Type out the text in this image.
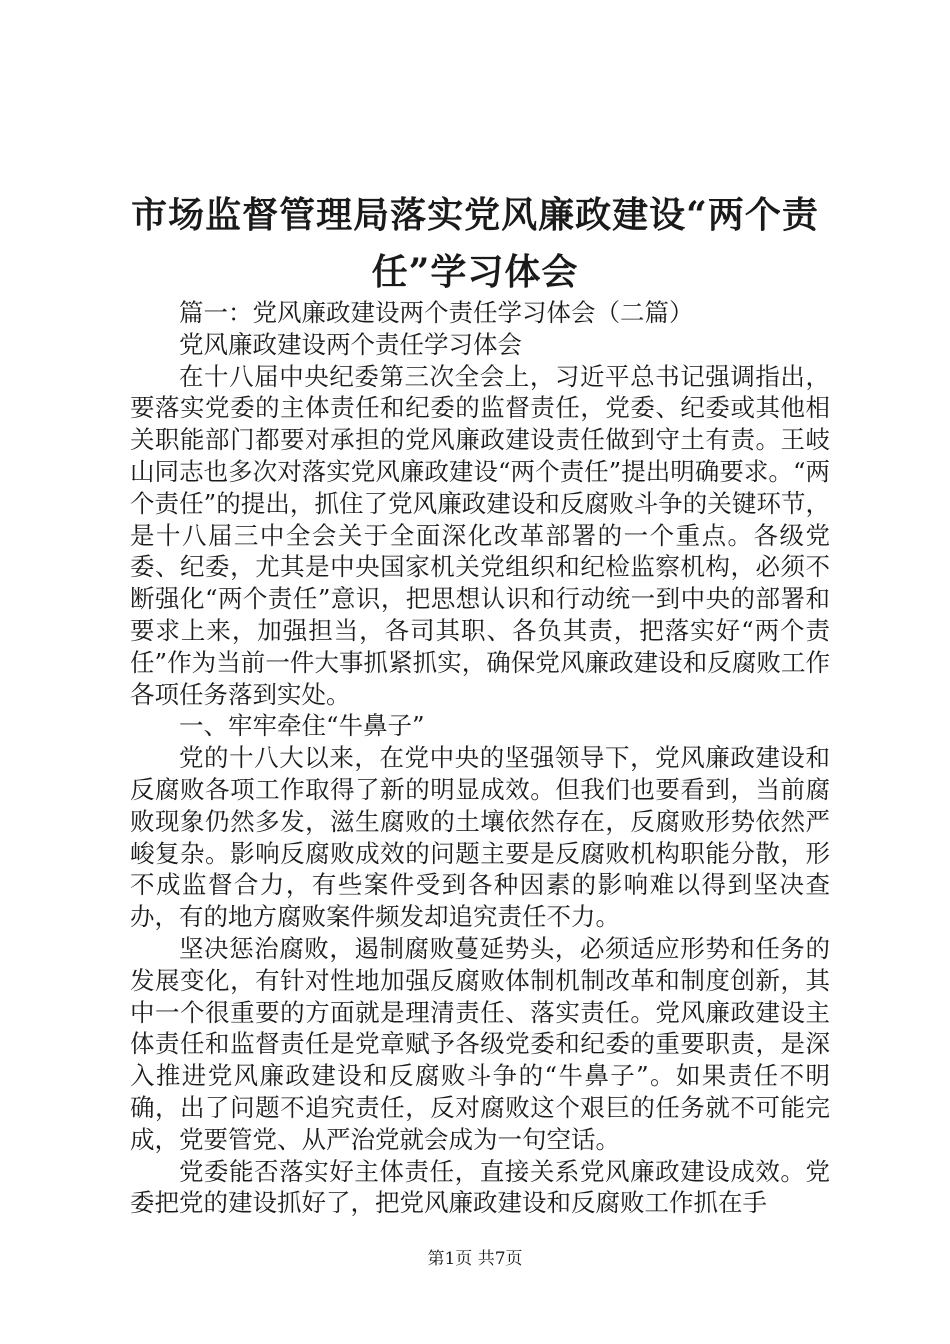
市场监督管理局落实党风廉政建设“两个责
任”学习体会

篇一：党风廉政建设两个责任学习体会（二篇）

党风廉政建设两个责任学习体会

在十八届中央纪委第三次全会上，习近平总书记强调指出，要落实党委的主体责任和纪委的监督责任，党委、纪委或其他相关职能部门都要对承担的党风廉政建设责任做到守土有责。王岐山同志也多次对落实党风廉政建设“两个责任”提出明确要求。“两个责任”的提出，抓住了党风廉政建设和反腐败斗争的关键环节，是十八届三中全会关于全面深化改革部署的一个重点。各级党委、纪委，尤其是中央国家机关党组织和纪检监察机构，必须不断强化“两个责任”意识，把思想认识和行动统一到中央的部署和要求上来，加强担当，各司其职、各负其责，把落实好“两个责任”作为当前一件大事抓紧抓实，确保党风廉政建设和反腐败工作各项任务落到实处。

一、牢牢牵住“牛鼻子”

党的十八大以来，在党中央的坚强领导下，党风廉政建设和反腐败各项工作取得了新的明显成效。但我们也要看到，当前腐败现象仍然多发，滋生腐败的土壤依然存在，反腐败形势依然严峻复杂。影响反腐败成效的问题主要是反腐败机构职能分散，形不成监督合力，有些案件受到各种因素的影响难以得到坚决查办，有的地方腐败案件频发却追究责任不力。

坚决惩治腐败，遏制腐败蔓延势头，必须适应形势和任务的发展变化，有针对性地加强反腐败体制机制改革和制度创新，其中一个很重要的方面就是理清责任、落实责任。党风廉政建设主体责任和监督责任是党章赋予各级党委和纪委的重要职责，是深入推进党风廉政建设和反腐败斗争的“牛鼻子”。如果责任不明确，出了问题不追究责任，反对腐败这个艰巨的任务就不可能完成，党要管党、从严治党就会成为一句空话。

党委能否落实好主体责任，直接关系党风廉政建设成效。党委把党的建设抓好了，把党风廉政建设和反腐败工作抓在手

第1页 共7页
